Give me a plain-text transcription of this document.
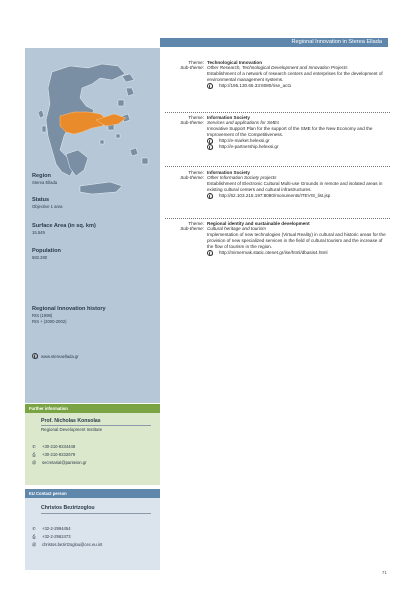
Regional Innovation in Sterea Ellada

Region

Sterea Ellada

Status

Objective 1 area

Surface Area (in sq. km)

15.549

Population

582.280

Regional Innovation history

RIS (1998)

RIS + (2000-2002)

www.stereaellada.gr
Further information
Prof. Nicholas Konsolas
Regional Development Institute
✆ +30-210-9234448
⎙ +30-210-9232679
@ secretarial@panteion.gr
EU Contact person
Christos Bezirtzoglou
✆ +32-2-2994454
⎙ +32-2-2962473
@ christos.bezirtzoglou@cec.eu.int
Theme: Technological Innovation
Sub-theme: Other Research, Technological Development and Innovation Projects
Establishment of a network of research centers and enterprises for the development of environmental management systems.
http://195.130.65.33:8080/rise_act1
Theme: Information Society
Sub-theme: Services and applications for SMEs
Innovative Support Plan for the support of the SME for the New Economy and the Improvement of the Competitiveness.
http://e-market.helexsi.gr
http://e-partnership.helexsi.gr
Theme: Information Society
Sub-theme: Other Information Society projects
Establishment of Electronic Cultural Multi-use Grounds in remote and isolated areas in existing cultural centers and cultural infrastructures.
http://62.103.215.197:8080/monuments/ITEVIS_list.jsp
Theme: Regional identity and sustainable development
Sub-theme: Cultural heritage and tourism
Implementation of new technologies (Virtual Reality) in cultural and historic areas for the provision of new specialized services in the field of cultural tourism and the increase of the flow of tourism in the region.
http://mimermak.static.otenet.gr/ise/html/dbasis4.html
71
